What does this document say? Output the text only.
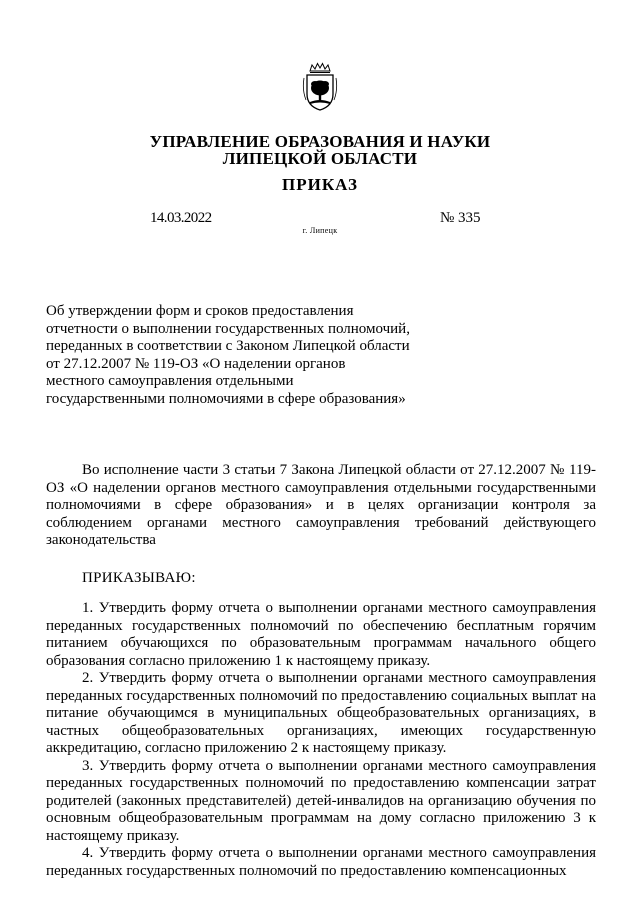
УПРАВЛЕНИЕ ОБРАЗОВАНИЯ И НАУКИ
ЛИПЕЦКОЙ ОБЛАСТИ
ПРИКАЗ
14.03.2022	№ 335
г. Липецк
Об утверждении форм и сроков предоставления
отчетности о выполнении государственных полномочий,
переданных в соответствии с Законом Липецкой области
от 27.12.2007 № 119-ОЗ «О наделении органов
местного самоуправления отдельными
государственными полномочиями в сфере образования»
Во исполнение части 3 статьи 7 Закона Липецкой области от 27.12.2007 № 119-ОЗ «О наделении органов местного самоуправления отдельными государственными полномочиями в сфере образования» и в целях организации контроля за соблюдением органами местного самоуправления требований действующего законодательства
ПРИКАЗЫВАЮ:

1. Утвердить форму отчета о выполнении органами местного самоуправления переданных государственных полномочий по обеспечению бесплатным горячим питанием обучающихся по образовательным программам начального общего образования согласно приложению 1 к настоящему приказу.

2. Утвердить форму отчета о выполнении органами местного самоуправления переданных государственных полномочий по предоставлению социальных выплат на питание обучающимся в муниципальных общеобразовательных организациях, в частных общеобразовательных организациях, имеющих государственную аккредитацию, согласно приложению 2 к настоящему приказу.

3. Утвердить форму отчета о выполнении органами местного самоуправления переданных государственных полномочий по предоставлению компенсации затрат родителей (законных представителей) детей-инвалидов на организацию обучения по основным общеобразовательным программам на дому согласно приложению 3 к настоящему приказу.

4. Утвердить форму отчета о выполнении органами местного самоуправления переданных государственных полномочий по предоставлению компенсационных
